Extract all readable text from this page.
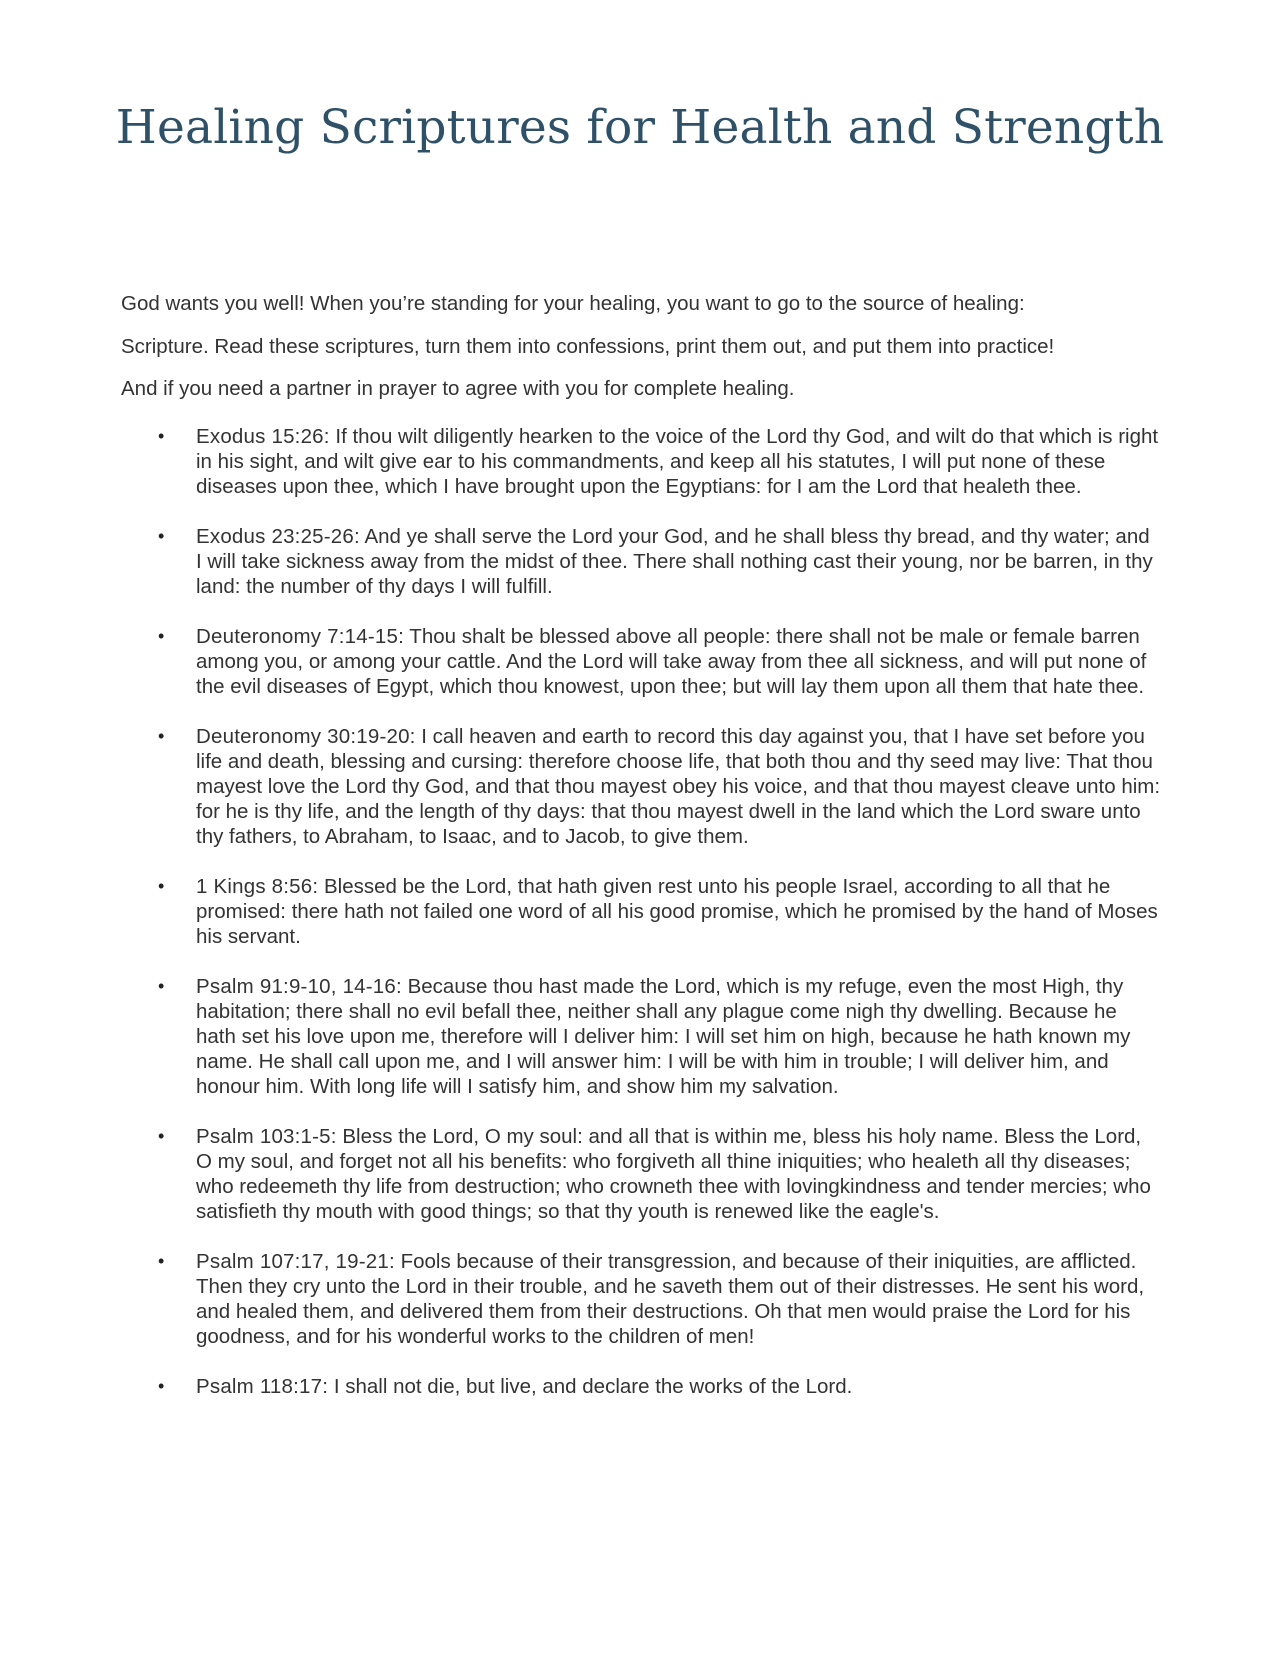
Healing Scriptures for Health and Strength

God wants you well! When you’re standing for your healing, you want to go to the source of healing:
Scripture. Read these scriptures, turn them into confessions, print them out, and put them into practice!
And if you need a partner in prayer to agree with you for complete healing.

• Exodus 15:26: If thou wilt diligently hearken to the voice of the Lord thy God, and wilt do that which is right in his sight, and wilt give ear to his commandments, and keep all his statutes, I will put none of these diseases upon thee, which I have brought upon the Egyptians: for I am the Lord that healeth thee.
• Exodus 23:25-26: And ye shall serve the Lord your God, and he shall bless thy bread, and thy water; and I will take sickness away from the midst of thee. There shall nothing cast their young, nor be barren, in thy land: the number of thy days I will fulfill.
• Deuteronomy 7:14-15: Thou shalt be blessed above all people: there shall not be male or female barren among you, or among your cattle. And the Lord will take away from thee all sickness, and will put none of the evil diseases of Egypt, which thou knowest, upon thee; but will lay them upon all them that hate thee.
• Deuteronomy 30:19-20: I call heaven and earth to record this day against you, that I have set before you life and death, blessing and cursing: therefore choose life, that both thou and thy seed may live: That thou mayest love the Lord thy God, and that thou mayest obey his voice, and that thou mayest cleave unto him: for he is thy life, and the length of thy days: that thou mayest dwell in the land which the Lord sware unto thy fathers, to Abraham, to Isaac, and to Jacob, to give them.
• 1 Kings 8:56: Blessed be the Lord, that hath given rest unto his people Israel, according to all that he promised: there hath not failed one word of all his good promise, which he promised by the hand of Moses his servant.
• Psalm 91:9-10, 14-16: Because thou hast made the Lord, which is my refuge, even the most High, thy habitation; there shall no evil befall thee, neither shall any plague come nigh thy dwelling. Because he hath set his love upon me, therefore will I deliver him: I will set him on high, because he hath known my name. He shall call upon me, and I will answer him: I will be with him in trouble; I will deliver him, and honour him. With long life will I satisfy him, and show him my salvation.
• Psalm 103:1-5: Bless the Lord, O my soul: and all that is within me, bless his holy name. Bless the Lord, O my soul, and forget not all his benefits: who forgiveth all thine iniquities; who healeth all thy diseases; who redeemeth thy life from destruction; who crowneth thee with lovingkindness and tender mercies; who satisfieth thy mouth with good things; so that thy youth is renewed like the eagle's.
• Psalm 107:17, 19-21: Fools because of their transgression, and because of their iniquities, are afflicted. Then they cry unto the Lord in their trouble, and he saveth them out of their distresses. He sent his word, and healed them, and delivered them from their destructions. Oh that men would praise the Lord for his goodness, and for his wonderful works to the children of men!
• Psalm 118:17: I shall not die, but live, and declare the works of the Lord.
